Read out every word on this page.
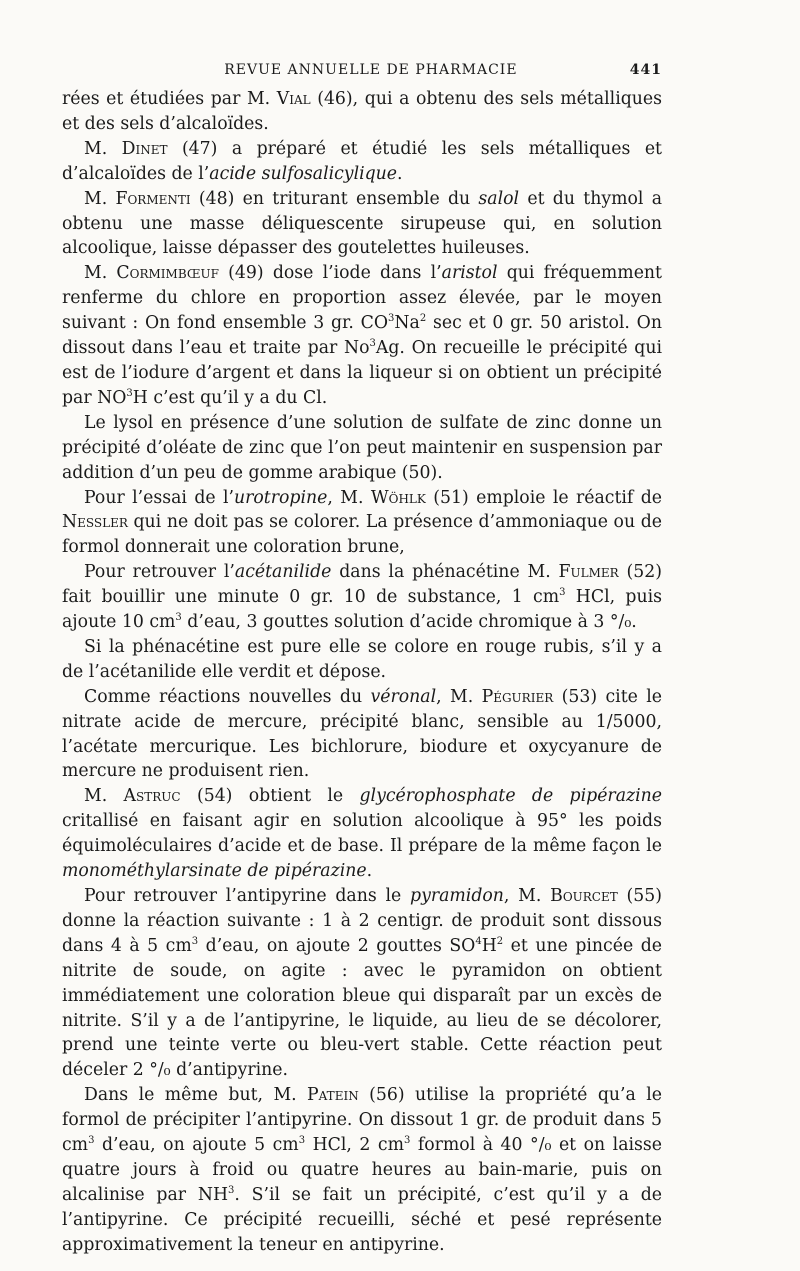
REVUE ANNUELLE DE PHARMACIE	441

rées et étudiées par M. Vial (46), qui a obtenu des sels métalliques et des sels d’alcaloïdes.

M. Dinet (47) a préparé et étudié les sels métalliques et d’alcaloïdes de l’acide sulfosalicylique.

M. Formenti (48) en triturant ensemble du salol et du thymol a obtenu une masse déliquescente sirupeuse qui, en solution alcoolique, laisse dépasser des goutelettes huileuses.

M. Cormimbœuf (49) dose l’iode dans l’aristol qui fréquemment renferme du chlore en proportion assez élevée, par le moyen suivant : On fond ensemble 3 gr. $CO^3Na^2$ sec et 0 gr. 50 aristol. On dissout dans l’eau et traite par No$^3$Ag. On recueille le précipité qui est de l’iodure d’argent et dans la liqueur si on obtient un précipité par $NO^3H$ c’est qu’il y a du Cl.

Le lysol en présence d’une solution de sulfate de zinc donne un précipité d’oléate de zinc que l’on peut maintenir en suspension par addition d’un peu de gomme arabique (50).

Pour l’essai de l’urotropine, M. Wöhlk (51) emploie le réactif de Nessler qui ne doit pas se colorer. La présence d’ammoniaque ou de formol donnerait une coloration brune,

Pour retrouver l’acétanilide dans la phénacétine M. Fulmer (52) fait bouillir une minute 0 gr. 10 de substance, 1 $cm^3$ HCl, puis ajoute 10 $cm^3$ d’eau, 3 gouttes solution d’acide chromique à 3 °/₀.

Si la phénacétine est pure elle se colore en rouge rubis, s’il y a de l’acétanilide elle verdit et dépose.

Comme réactions nouvelles du véronal, M. Pégurier (53) cite le nitrate acide de mercure, précipité blanc, sensible au 1/5000, l’acétate mercurique. Les bichlorure, biodure et oxycyanure de mercure ne produisent rien.

M. Astruc (54) obtient le glycérophosphate de pipérazine critallisé en faisant agir en solution alcoolique à 95° les poids équimoléculaires d’acide et de base. Il prépare de la même façon le monométhylarsinate de pipérazine.

Pour retrouver l’antipyrine dans le pyramidon, M. Bourcet (55) donne la réaction suivante : 1 à 2 centigr. de produit sont dissous dans 4 à 5 $cm^3$ d’eau, on ajoute 2 gouttes $SO^4H^2$ et une pincée de nitrite de soude, on agite : avec le pyramidon on obtient immédiatement une coloration bleue qui disparaît par un excès de nitrite. S’il y a de l’antipyrine, le liquide, au lieu de se décolorer, prend une teinte verte ou bleu-vert stable. Cette réaction peut déceler 2 °/₀ d’antipyrine.

Dans le même but, M. Patein (56) utilise la propriété qu’a le formol de précipiter l’antipyrine. On dissout 1 gr. de produit dans 5 $cm^3$ d’eau, on ajoute 5 $cm^3$ HCl, 2 $cm^3$ formol à 40 °/₀ et on laisse quatre jours à froid ou quatre heures au bain-marie, puis on alcalinise par $NH^3$. S’il se fait un précipité, c’est qu’il y a de l’antipyrine. Ce précipité recueilli, séché et pesé représente approximativement la teneur en antipyrine.
